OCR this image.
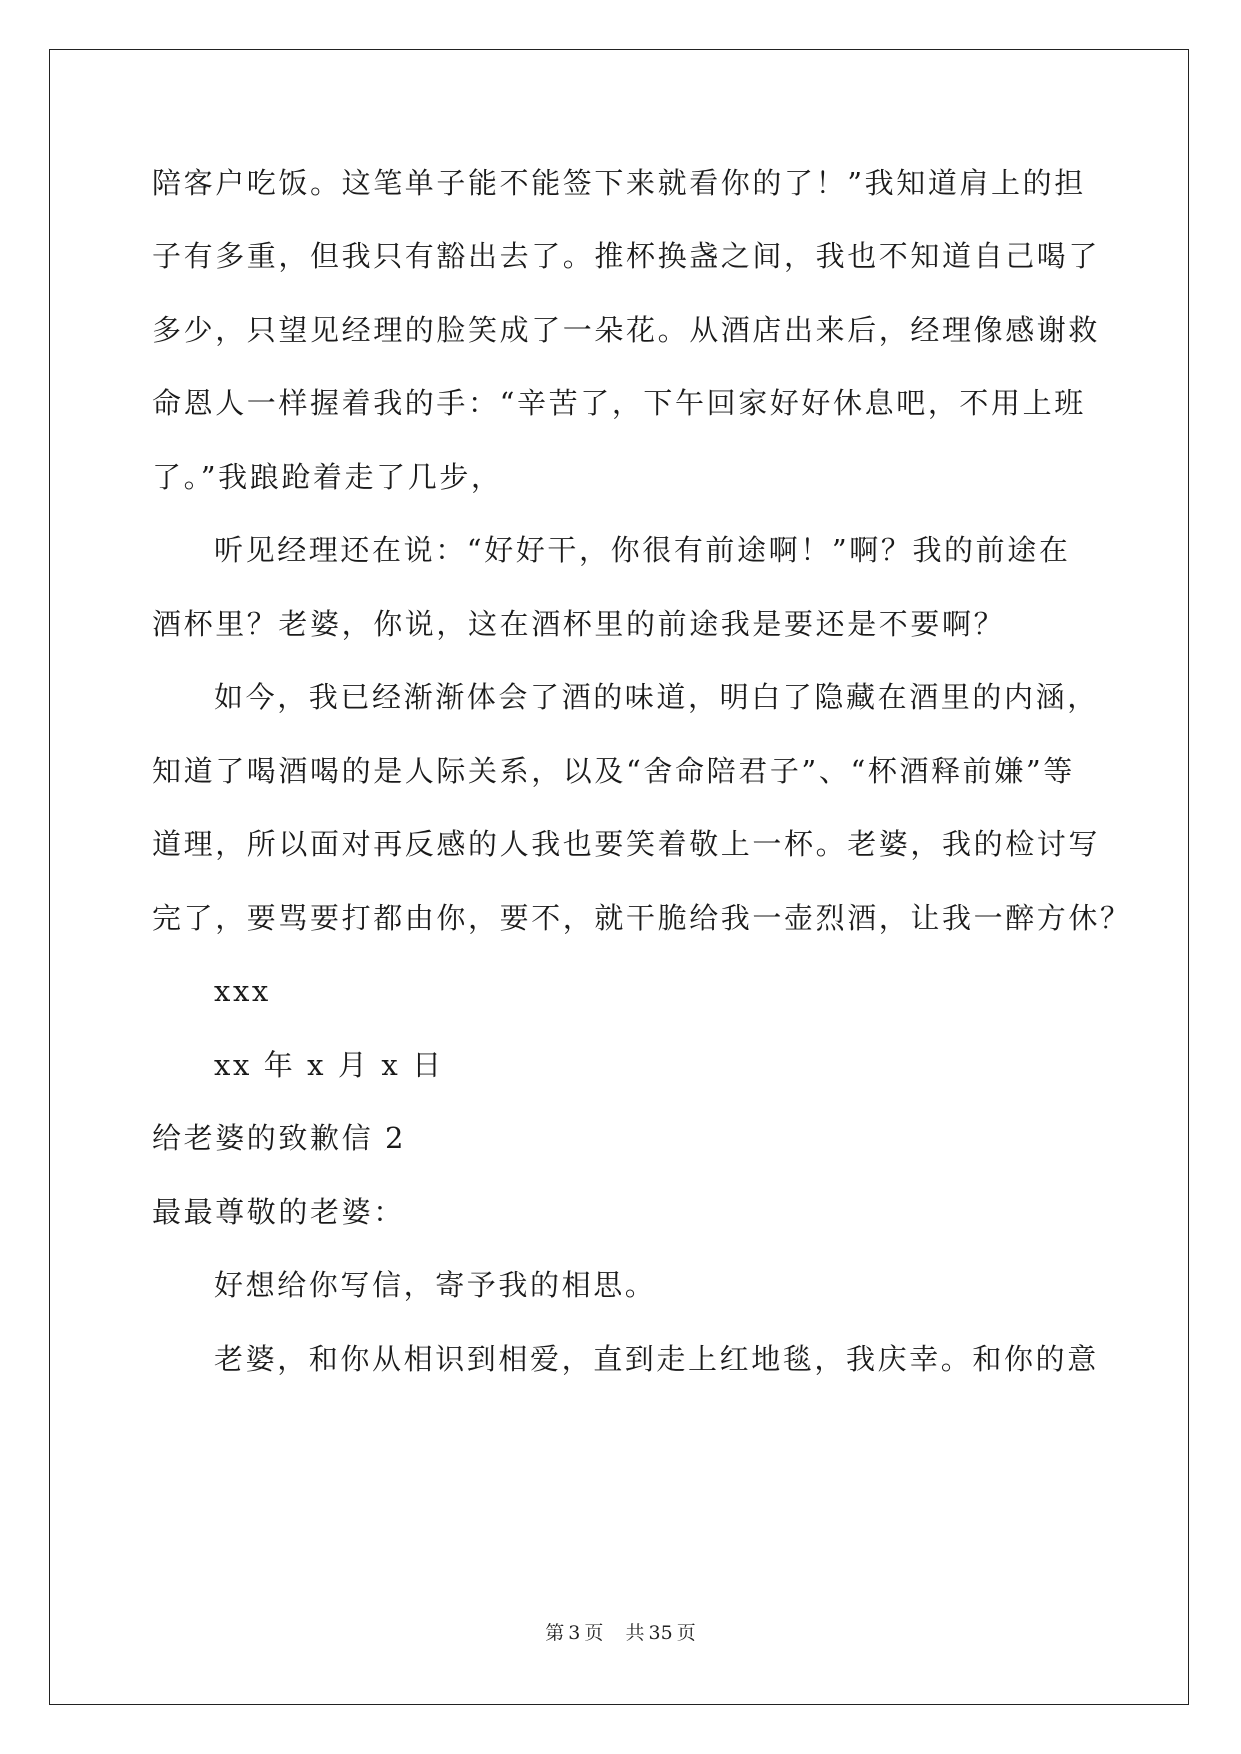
陪客户吃饭。这笔单子能不能签下来就看你的了！”我知道肩上的担
子有多重，但我只有豁出去了。推杯换盏之间，我也不知道自己喝了
多少，只望见经理的脸笑成了一朵花。从酒店出来后，经理像感谢救
命恩人一样握着我的手：“辛苦了，下午回家好好休息吧，不用上班
了。”我踉跄着走了几步，
听见经理还在说：“好好干，你很有前途啊！”啊？我的前途在
酒杯里？老婆，你说，这在酒杯里的前途我是要还是不要啊？
如今，我已经渐渐体会了酒的味道，明白了隐藏在酒里的内涵，
知道了喝酒喝的是人际关系，以及“舍命陪君子”、“杯酒释前嫌”等
道理，所以面对再反感的人我也要笑着敬上一杯。老婆，我的检讨写
完了，要骂要打都由你，要不，就干脆给我一壶烈酒，让我一醉方休？
xxx
xx 年 x 月 x 日
给老婆的致歉信 2
最最尊敬的老婆：
好想给你写信，寄予我的相思。
老婆，和你从相识到相爱，直到走上红地毯，我庆幸。和你的意
第 3 页 共 35 页
